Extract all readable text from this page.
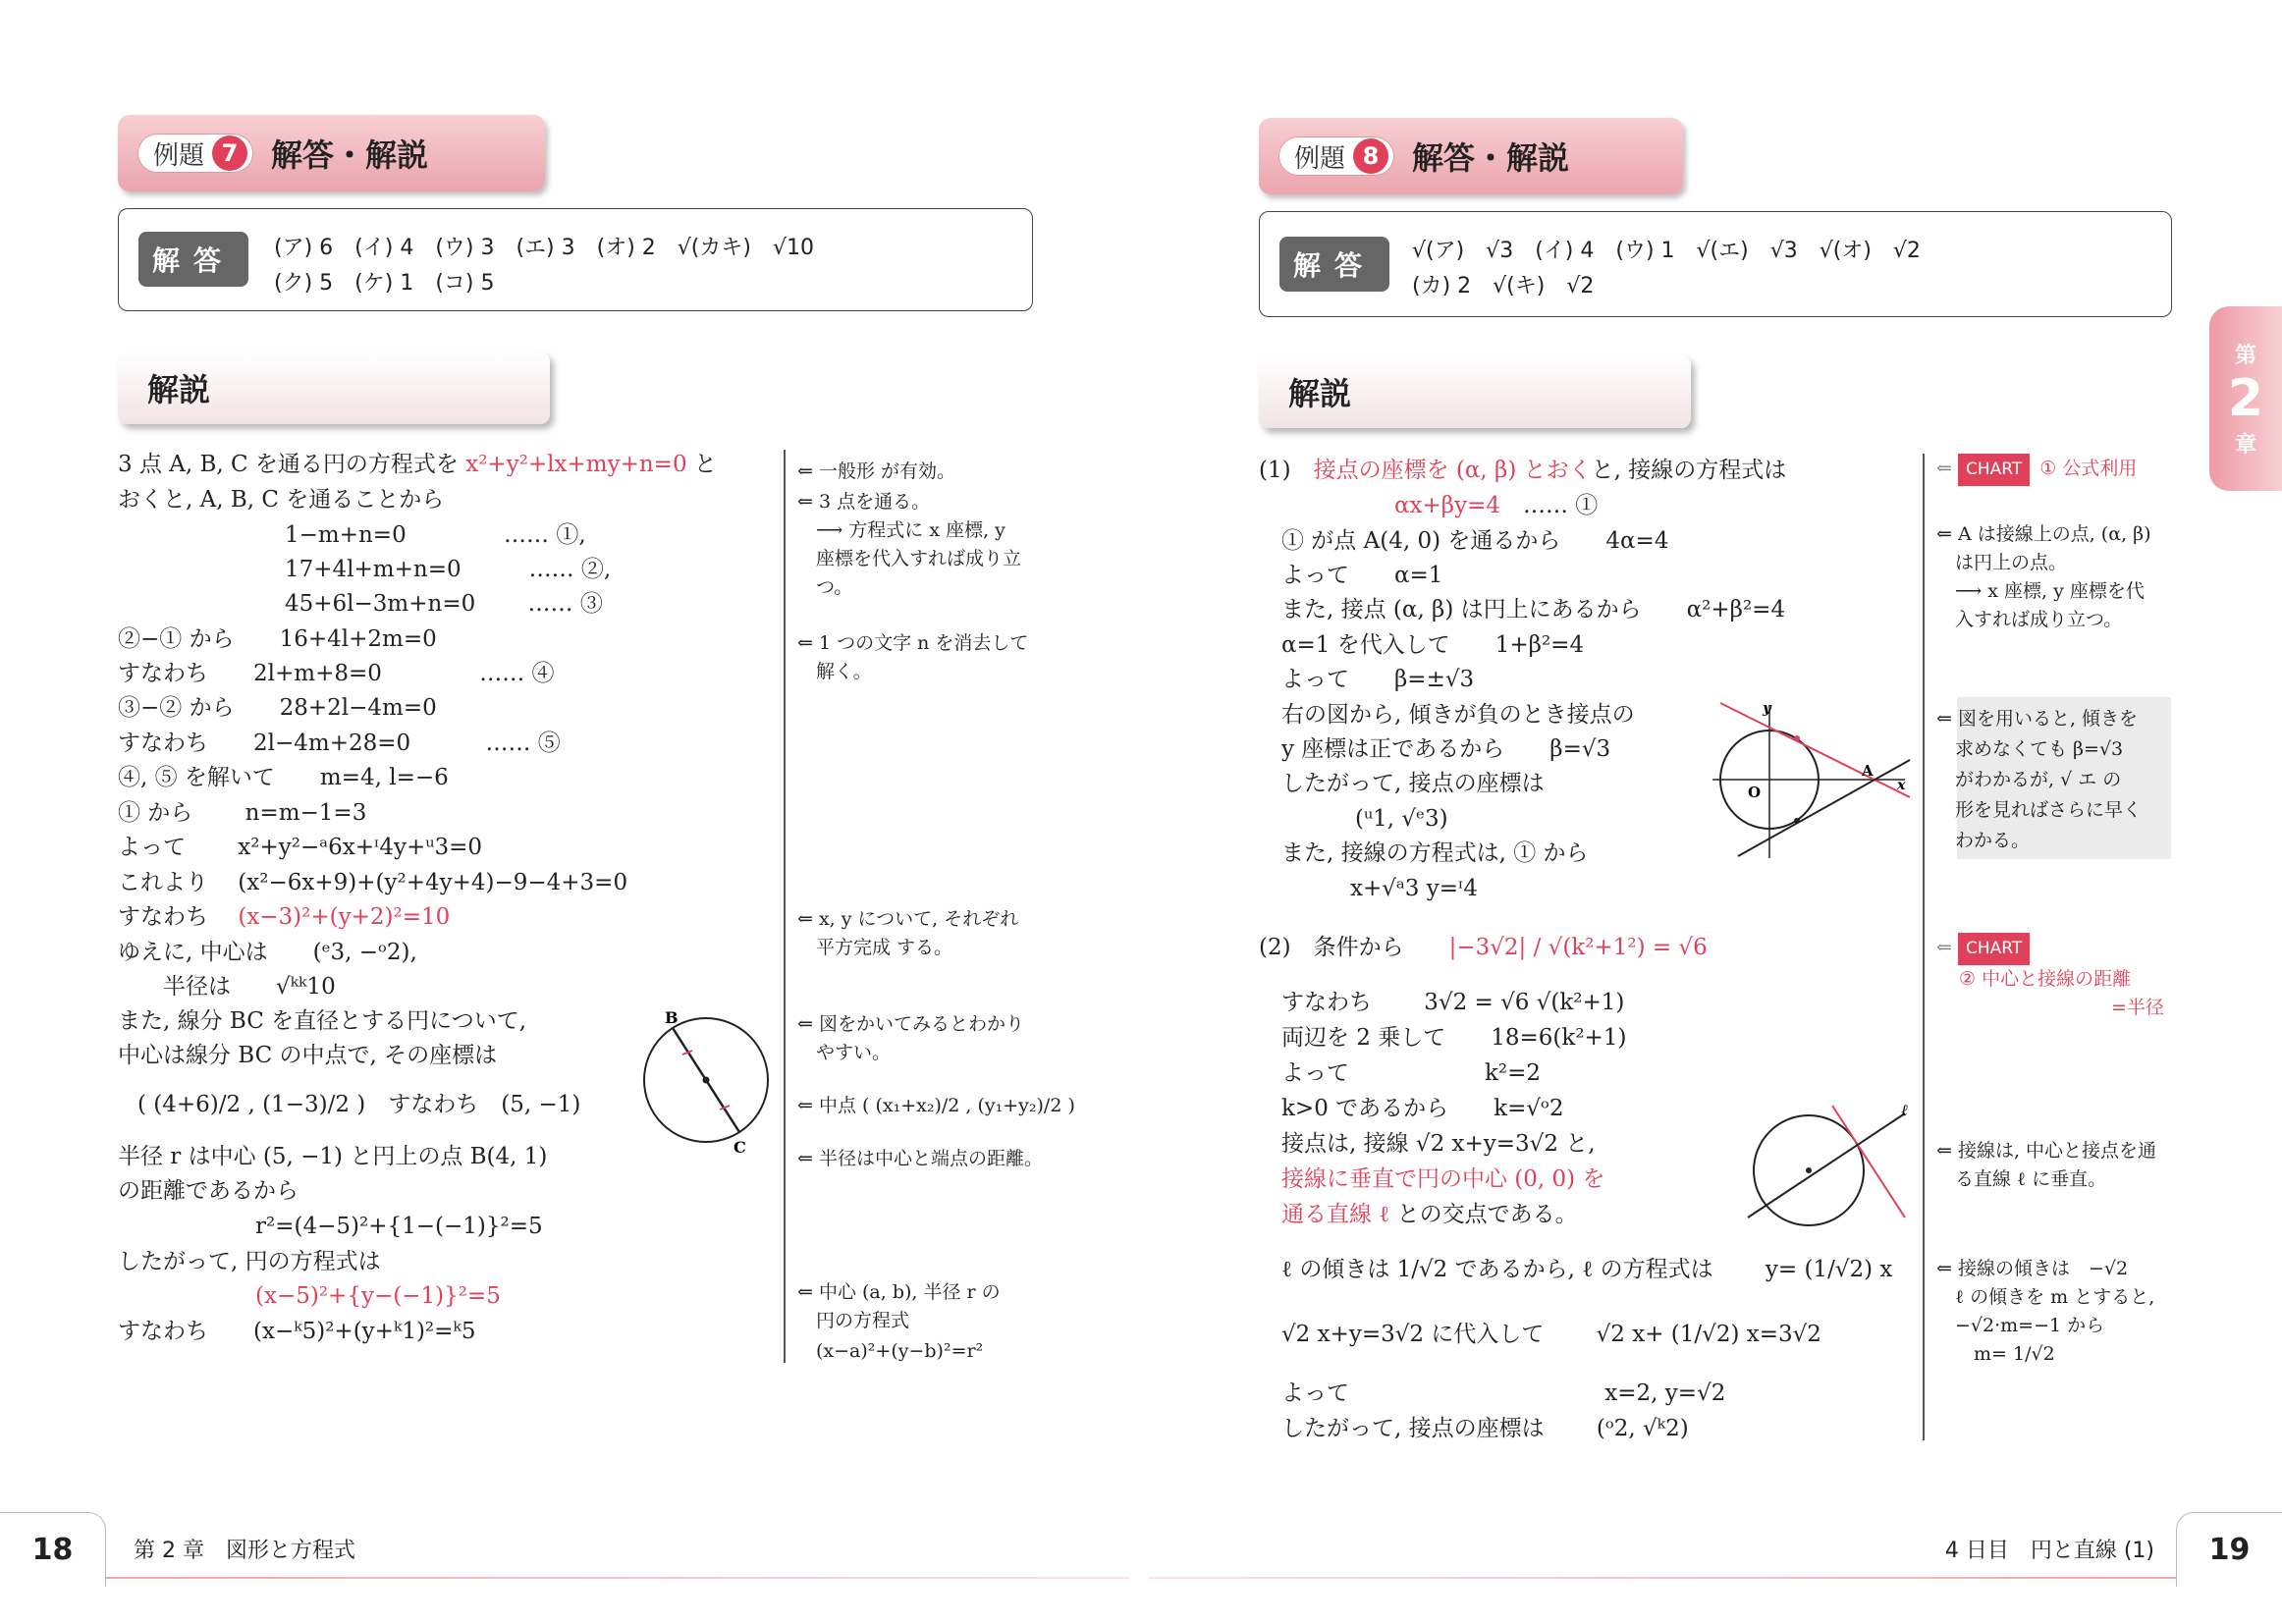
例題 7	解答・解説
解答	(ア) 6　(イ) 4　(ウ) 3　(エ) 3　(オ) 2　√(カキ)　√10
(ク) 5　(ケ) 1　(コ) 5
解説
3 点 A, B, C を通る円の方程式を x²+y²+lx+my+n=0 と
おくと, A, B, C を通ることから
1−m+n=0　　　　 …… ①,
17+4l+m+n=0　　　…… ②,
45+6l−3m+n=0　　 …… ③
②−① から　　16+4l+2m=0
すなわち　　2l+m+8=0　　　　 …… ④
③−② から　　28+2l−4m=0
すなわち　　2l−4m+28=0　　　 …… ⑤
④, ⑤ を解いて　　m=4, l=−6
① から　　 n=m−1=3
よって　　 x²+y²−ᵃ6x+ᶦ4y+ᵘ3=0
これより　 (x²−6x+9)+(y²+4y+4)−9−4+3=0
すなわち　 (x−3)²+(y+2)²=10
ゆえに, 中心は　　(ᵉ3, −ᵒ2),
　　半径は　　√ᵏᵏ10
また, 線分 BC を直径とする円について,
中心は線分 BC の中点で, その座標は
( (4+6)/2 , (1−3)/2 )　すなわち　(5, −1)
半径 r は中心 (5, −1) と円上の点 B(4, 1)
の距離であるから
r²=(4−5)²+{1−(−1)}²=5
したがって, 円の方程式は
(x−5)²+{y−(−1)}²=5
すなわち　　(x−ᵏ5)²+(y+ᵏ1)²=ᵏ5
⇐ 一般形 が有効。
⇐ 3 点を通る。
　⟶ 方程式に x 座標, y
　座標を代入すれば成り立
　つ。
⇐ 1 つの文字 n を消去して
　解く。
⇐ x, y について, それぞれ
　平方完成 する。
⇐ 図をかいてみるとわかり
　やすい。
⇐ 中点 ( (x₁+x₂)/2 , (y₁+y₂)/2 )
⇐ 半径は中心と端点の距離。
⇐ 中心 (a, b), 半径 r の
　円の方程式
　(x−a)²+(y−b)²=r²
B
C
例題 8	解答・解説
解答	√(ア)　√3　(イ) 4　(ウ) 1　√(エ)　√3　√(オ)　√2
(カ) 2　√(キ)　√2
解説
(1)　接点の座標を (α, β) とおくと, 接線の方程式は
αx+βy=4　…… ①
① が点 A(4, 0) を通るから　　4α=4
よって　　α=1
また, 接点 (α, β) は円上にあるから　　α²+β²=4
α=1 を代入して　　1+β²=4
よって　　β=±√3
右の図から, 傾きが負のとき接点の
y 座標は正であるから　　β=√3
したがって, 接点の座標は
(ᵘ1, √ᵉ3)
また, 接線の方程式は, ① から
x+√ᵃ3 y=ᶦ4
(2)　条件から　　|−3√2| / √(k²+1²) = √6
すなわち　　 3√2 = √6 √(k²+1)
両辺を 2 乗して　　18=6(k²+1)
よって　　　　　　k²=2
k>0 であるから　　k=√ᵒ2
接点は, 接線 √2 x+y=3√2 と,
接線に垂直で円の中心 (0, 0) を
通る直線 ℓ との交点である。
ℓ の傾きは 1/√2 であるから, ℓ の方程式は　　 y= (1/√2) x
√2 x+y=3√2 に代入して　　 √2 x+ (1/√2) x=3√2
よって　　　　　　　　　　　 x=2, y=√2
したがって, 接点の座標は　　 (ᵒ2, √ᵏ2)
⇐ CHART ① 公式利用
⇐ A は接線上の点, (α, β)
　は円上の点。
　⟶ x 座標, y 座標を代
　入すれば成り立つ。
⇐ 図を用いると, 傾きを
　求めなくても β=√3
　がわかるが, √ エ の
　形を見ればさらに早く
　わかる。
⇐ CHART
② 中心と接線の距離
=半径
⇐ 接線は, 中心と接点を通
　る直線 ℓ に垂直。
⇐ 接線の傾きは　−√2
　ℓ の傾きを m とすると,
　−√2·m=−1 から
　　m= 1/√2
y
O
A
x
ℓ
第
2
章
18	第 2 章　図形と方程式	4 日目　円と直線 (1)	19
